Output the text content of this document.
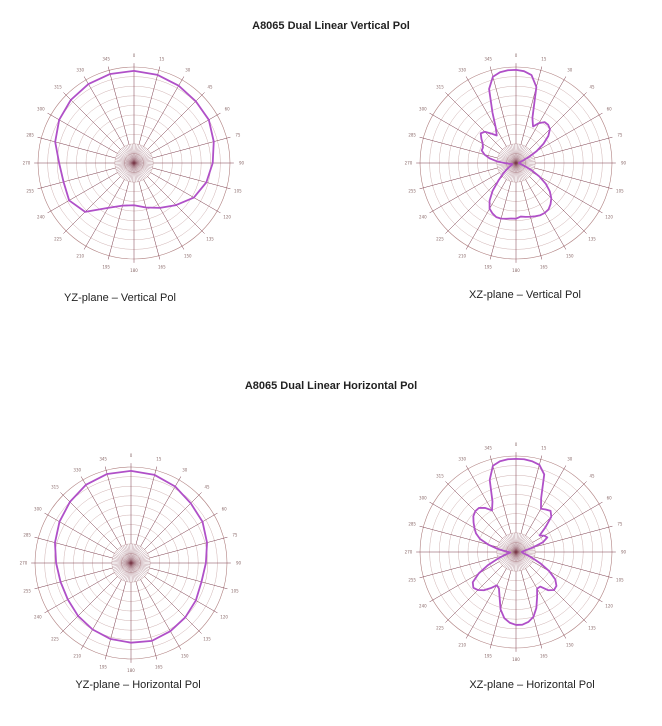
A8065 Dual Linear Vertical Pol
A8065 Dual Linear Horizontal Pol
0
15
30
45
60
75
90
105
120
135
150
165
180
195
210
225
240
255
270
285
300
315
330
345
0
15
30
45
60
75
90
105
120
135
150
165
180
195
210
225
240
255
270
285
300
315
330
345
0
15
30
45
60
75
90
105
120
135
150
165
180
195
210
225
240
255
270
285
300
315
330
345
0
15
30
45
60
75
90
105
120
135
150
165
180
195
210
225
240
255
270
285
300
315
330
345
YZ-plane – Vertical Pol	XZ-plane – Vertical Pol
YZ-plane – Horizontal Pol	XZ-plane – Horizontal Pol
